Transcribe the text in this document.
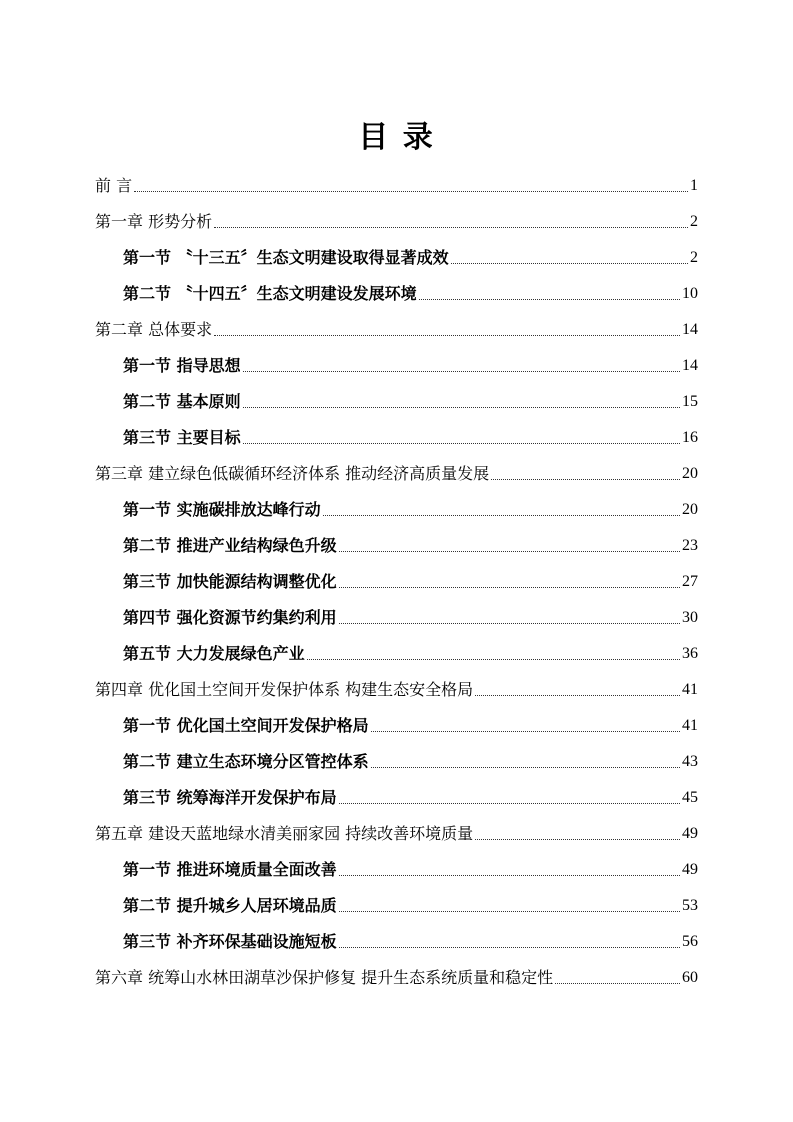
目 录
前 言	1
第一章 形势分析	2
第一节 〝十三五〞生态文明建设取得显著成效	2
第二节 〝十四五〞生态文明建设发展环境	10
第二章 总体要求	14
第一节 指导思想	14
第二节 基本原则	15
第三节 主要目标	16
第三章 建立绿色低碳循环经济体系 推动经济高质量发展	20
第一节 实施碳排放达峰行动	20
第二节 推进产业结构绿色升级	23
第三节 加快能源结构调整优化	27
第四节 强化资源节约集约利用	30
第五节 大力发展绿色产业	36
第四章 优化国土空间开发保护体系 构建生态安全格局	41
第一节 优化国土空间开发保护格局	41
第二节 建立生态环境分区管控体系	43
第三节 统筹海洋开发保护布局	45
第五章 建设天蓝地绿水清美丽家园 持续改善环境质量	49
第一节 推进环境质量全面改善	49
第二节 提升城乡人居环境品质	53
第三节 补齐环保基础设施短板	56
第六章 统筹山水林田湖草沙保护修复 提升生态系统质量和稳定性	60
